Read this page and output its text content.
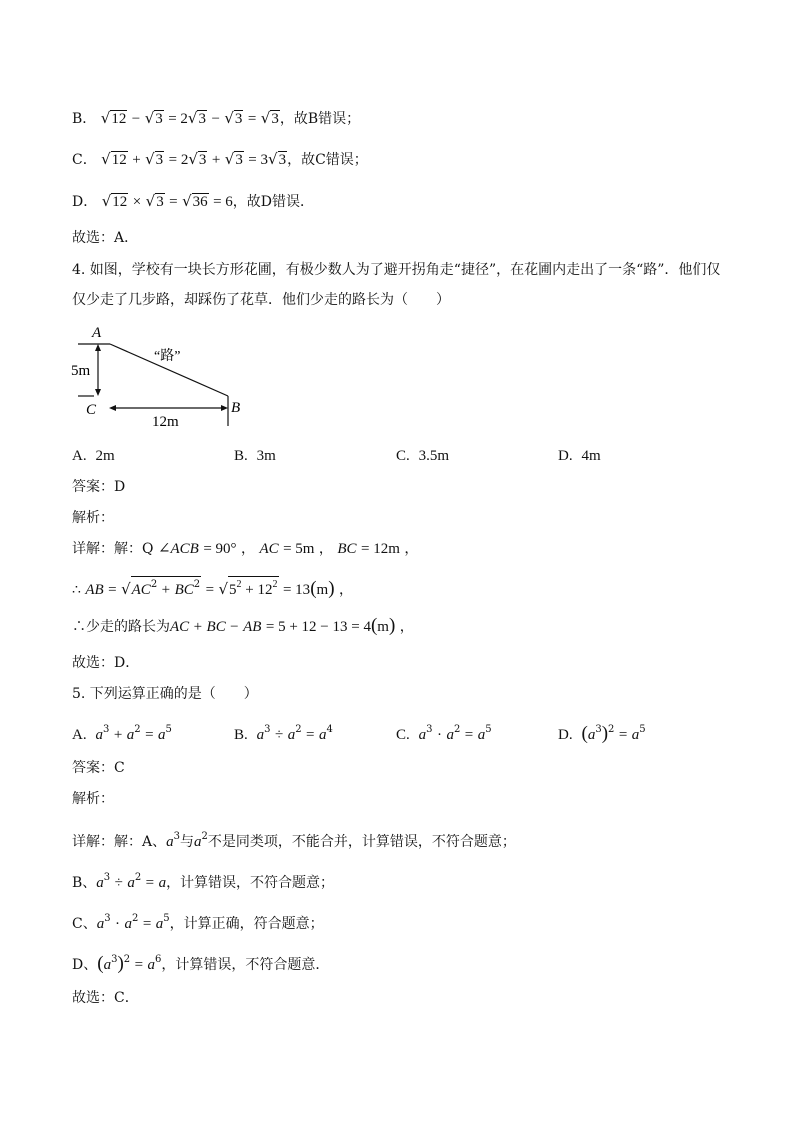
B． √12 − √3 = 2√3 − √3 = √3，故B错误；
C． √12 + √3 = 2√3 + √3 = 3√3，故C错误；
D． √12 × √3 = √36 = 6，故D错误．
故选：A．
4. 如图，学校有一块长方形花圃，有极少数人为了避开拐角走“捷径”，在花圃内走出了一条“路”．他们仅
仅少走了几步路，却踩伤了花草．他们少走的路长为（　　）
A
C	B
5m
12m
“路”
A. 2m	B. 3m	C. 3.5m	D. 4m
答案：D
解析：
详解：解：Q ∠ACB = 90° ， AC = 5m ， BC = 12m ，
∴ AB = $√AC^2 + BC^2 = √5^2 + 12^2 = 13(m)$ ，
∴少走的路长为AC + BC − AB = 5 + 12 − 13 = 4(m) ，
故选：D．
5. 下列运算正确的是（　　）
A. $a^3 + a^2 = a^5$	B. $a^3 \div a^2 = a^4$	C. $a^3 \cdot a^2 = a^5$	D. $(a^3)^2 = a^5$
答案：C
解析：
详解：解：A、$a^3$与$a^2$不是同类项，不能合并，计算错误，不符合题意；
B、$a^3 \div a^2 = a$，计算错误，不符合题意；
C、$a^3 \cdot a^2 = a^5$，计算正确，符合题意；
D、$(a^3)^2 = a^6$，计算错误，不符合题意．
故选：C．
